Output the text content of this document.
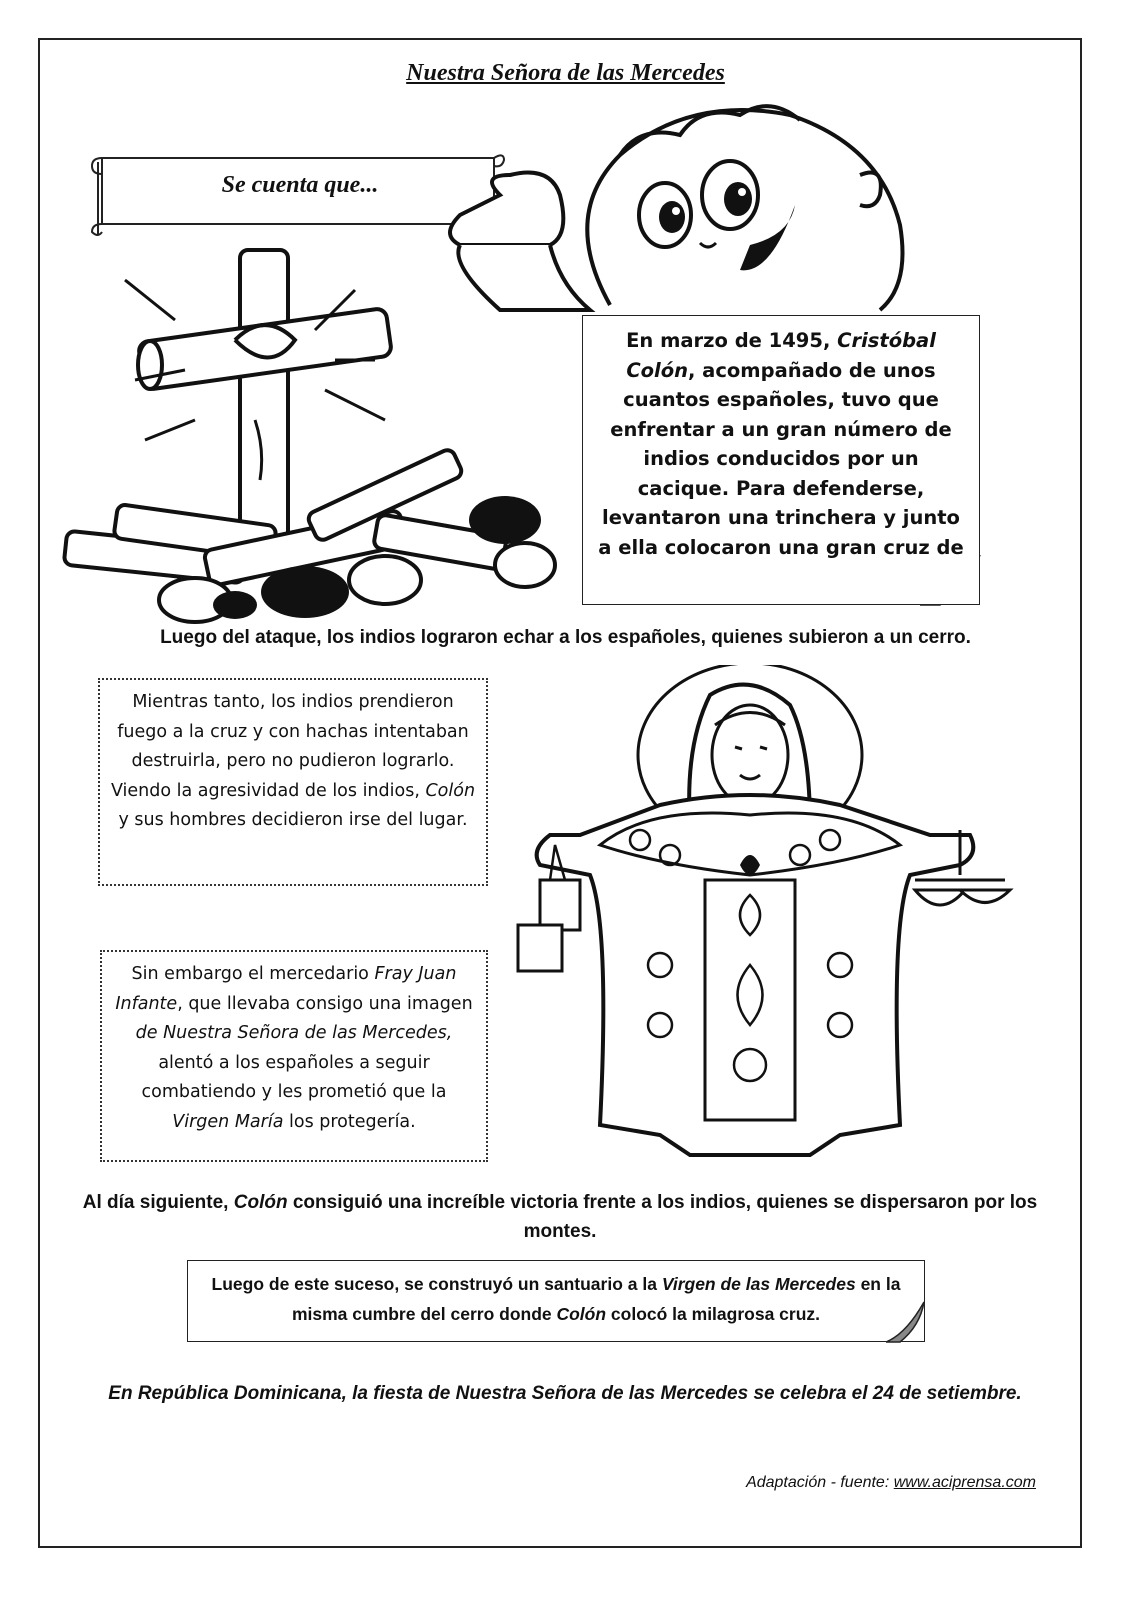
Nuestra Señora de las Mercedes
Se cuenta que...
En marzo de 1495, Cristóbal Colón, acompañado de unos cuantos españoles, tuvo que enfrentar a un gran número de indios conducidos por un cacique. Para defenderse, levantaron una trinchera y junto a ella colocaron una gran cruz de
Luego del ataque, los indios lograron echar a los españoles, quienes subieron a un cerro.
Mientras tanto, los indios prendieron fuego a la cruz y con hachas intentaban destruirla, pero no pudieron lograrlo. Viendo la agresividad de los indios, Colón y sus hombres decidieron irse del lugar.
Sin embargo el mercedario Fray Juan Infante, que llevaba consigo una imagen de Nuestra Señora de las Mercedes, alentó a los españoles a seguir combatiendo y les prometió que la Virgen María los protegería.
Al día siguiente, Colón consiguió una increíble victoria frente a los indios, quienes se dispersaron por los montes.
Luego de este suceso, se construyó un santuario a la Virgen de las Mercedes en la misma cumbre del cerro donde Colón colocó la milagrosa cruz.
En República Dominicana, la fiesta de Nuestra Señora de las Mercedes se celebra el 24 de setiembre.
Adaptación - fuente: www.aciprensa.com
